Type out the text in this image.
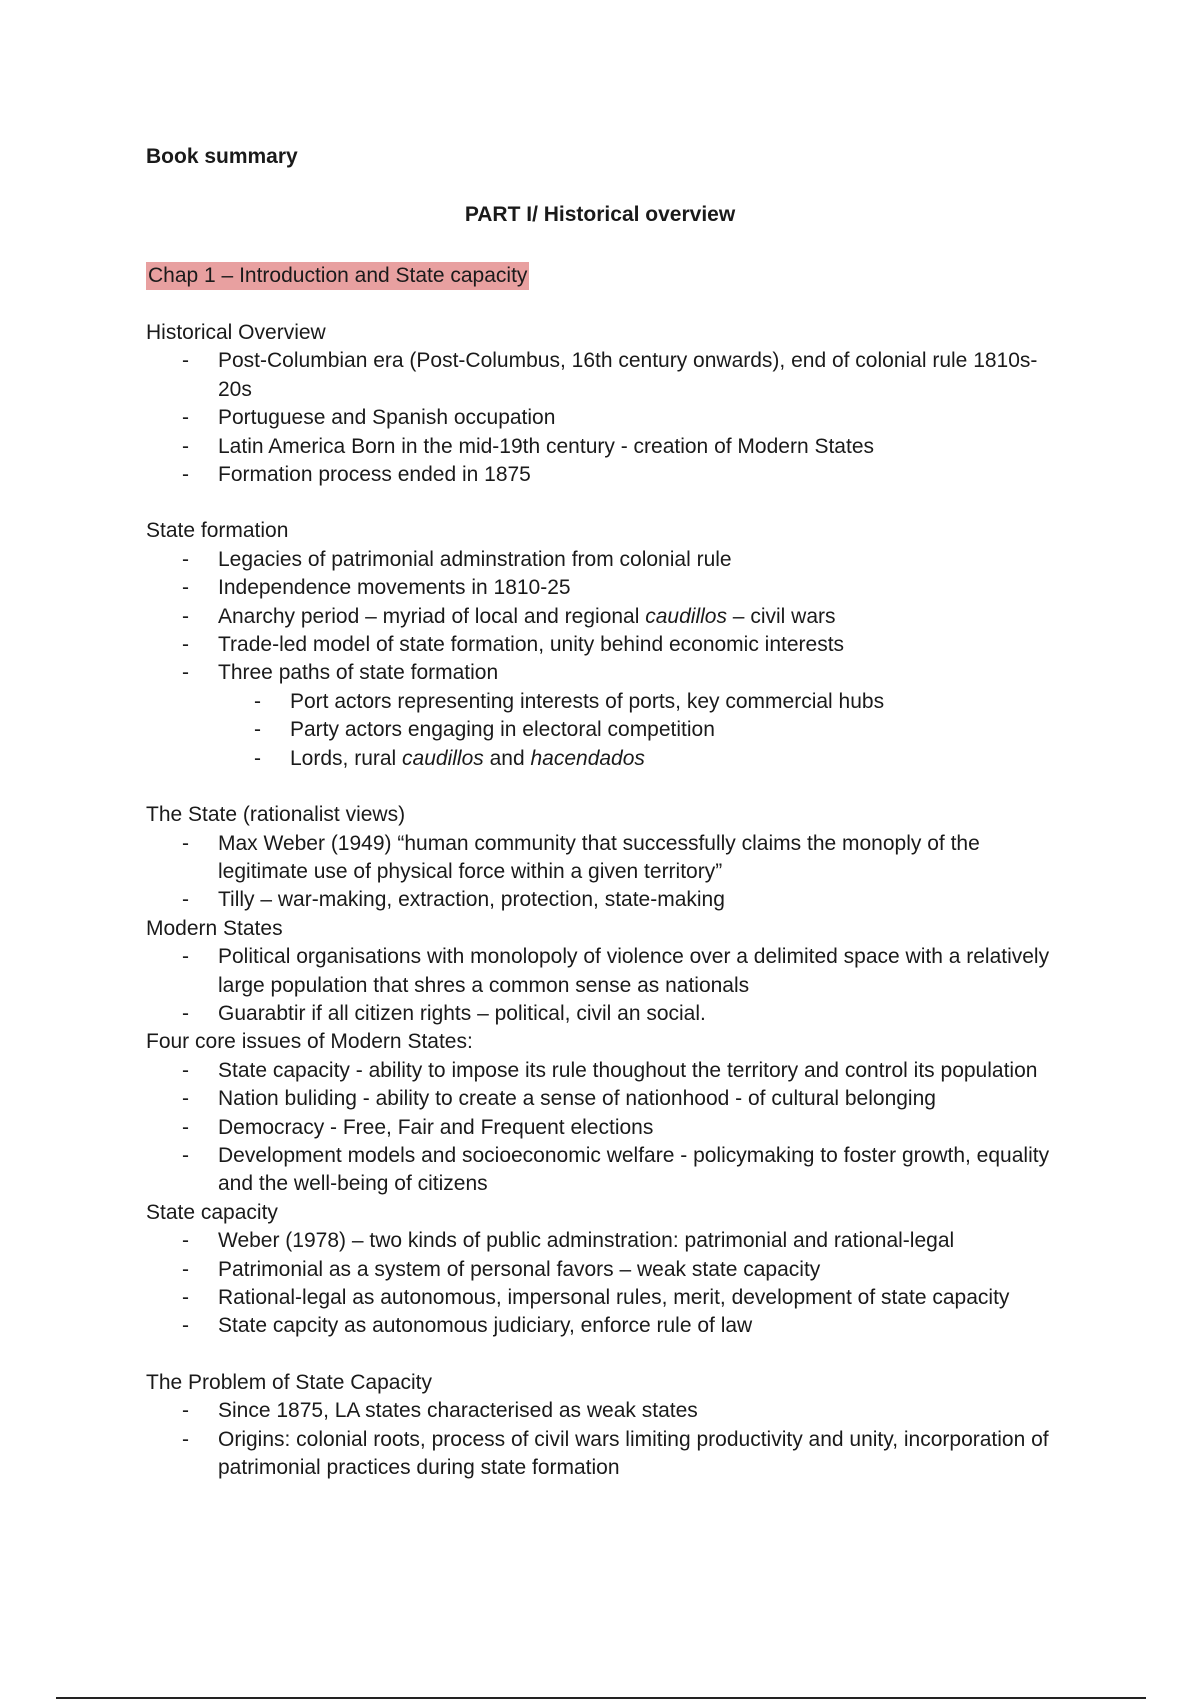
Book summary

PART I/ Historical overview

Chap 1 – Introduction and State capacity

Historical Overview

- Post-Columbian era (Post-Columbus, 16th century onwards), end of colonial rule 1810s-20s
- Portuguese and Spanish occupation
- Latin America Born in the mid-19th century - creation of Modern States
- Formation process ended in 1875

State formation

- Legacies of patrimonial adminstration from colonial rule
- Independence movements in 1810-25
- Anarchy period – myriad of local and regional caudillos – civil wars
- Trade-led model of state formation, unity behind economic interests
- Three paths of state formation
- Port actors representing interests of ports, key commercial hubs
- Party actors engaging in electoral competition
- Lords, rural caudillos and hacendados

The State (rationalist views)

- Max Weber (1949) “human community that successfully claims the monoply of the legitimate use of physical force within a given territory”
- Tilly – war-making, extraction, protection, state-making

Modern States

- Political organisations with monolopoly of violence over a delimited space with a relatively large population that shres a common sense as nationals
- Guarabtir if all citizen rights – political, civil an social.

Four core issues of Modern States:

- State capacity - ability to impose its rule thoughout the territory and control its population
- Nation buliding - ability to create a sense of nationhood - of cultural belonging
- Democracy - Free, Fair and Frequent elections
- Development models and socioeconomic welfare - policymaking to foster growth, equality and the well-being of citizens

State capacity

- Weber (1978) – two kinds of public adminstration: patrimonial and rational-legal
- Patrimonial as a system of personal favors – weak state capacity
- Rational-legal as autonomous, impersonal rules, merit, development of state capacity
- State capcity as autonomous judiciary, enforce rule of law

The Problem of State Capacity

- Since 1875, LA states characterised as weak states
- Origins: colonial roots, process of civil wars limiting productivity and unity, incorporation of patrimonial practices during state formation
